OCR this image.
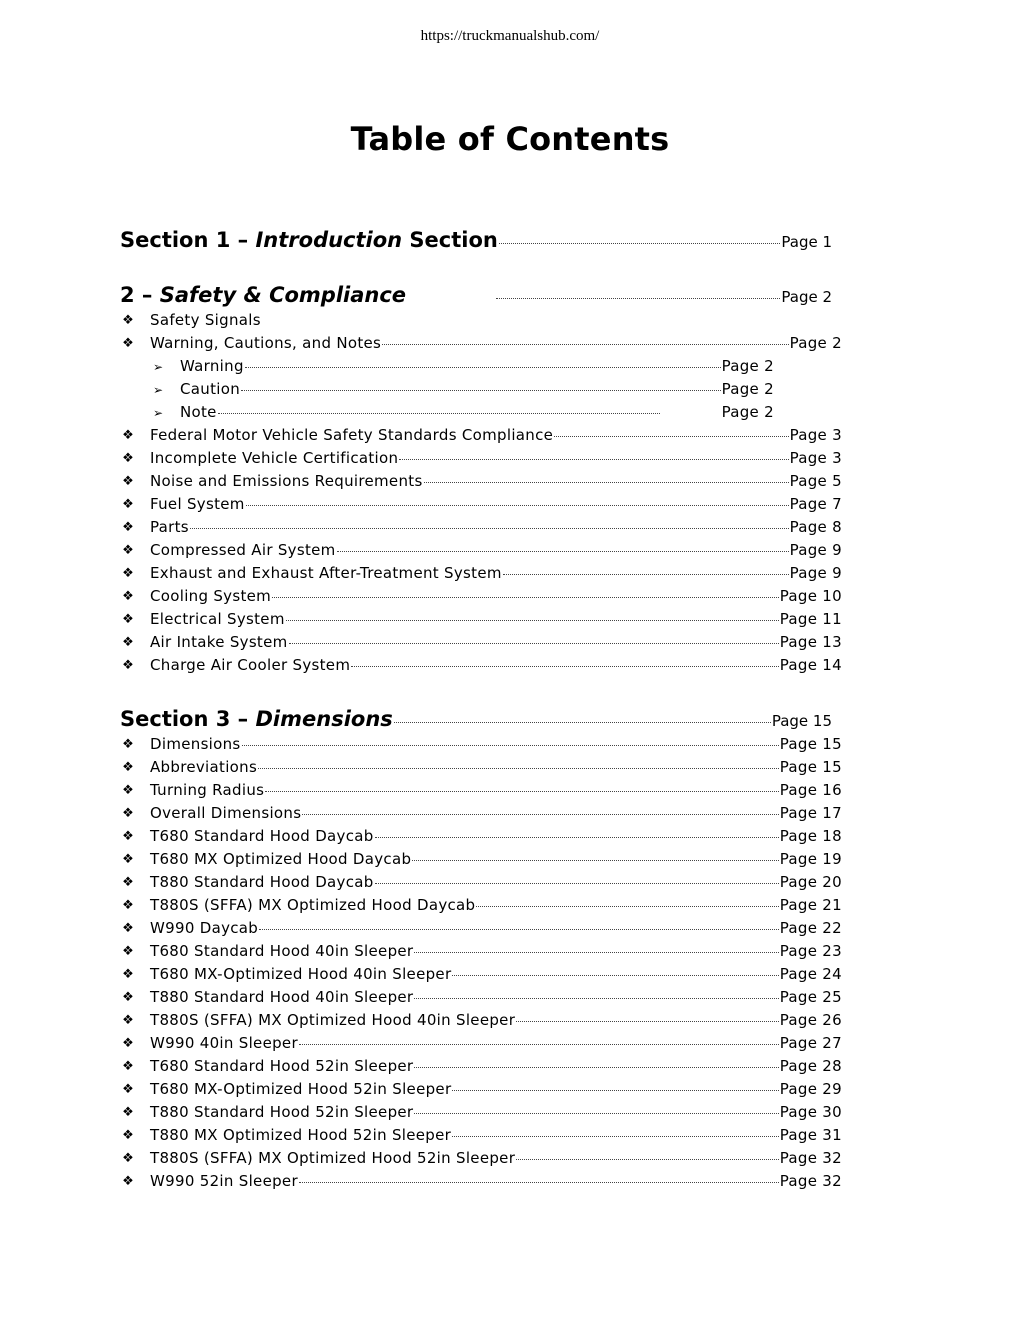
https://truckmanualshub.com/
Table of Contents
Section 1 – Introduction Section	Page 1
2 – Safety & Compliance	Page 2
❖ Safety Signals
❖ Warning, Cautions, and Notes	Page 2
➢ Warning	Page 2
➢ Caution	Page 2
➢ Note	Page 2
❖ Federal Motor Vehicle Safety Standards Compliance	Page 3
❖ Incomplete Vehicle Certification	Page 3
❖ Noise and Emissions Requirements	Page 5
❖ Fuel System	Page 7
❖ Parts	Page 8
❖ Compressed Air System	Page 9
❖ Exhaust and Exhaust After-Treatment System	Page 9
❖ Cooling System	Page 10
❖ Electrical System	Page 11
❖ Air Intake System	Page 13
❖ Charge Air Cooler System	Page 14
Section 3 – Dimensions	Page 15
❖ Dimensions	Page 15
❖ Abbreviations	Page 15
❖ Turning Radius	Page 16
❖ Overall Dimensions	Page 17
❖ T680 Standard Hood Daycab	Page 18
❖ T680 MX Optimized Hood Daycab	Page 19
❖ T880 Standard Hood Daycab	Page 20
❖ T880S (SFFA) MX Optimized Hood Daycab	Page 21
❖ W990 Daycab	Page 22
❖ T680 Standard Hood 40in Sleeper	Page 23
❖ T680 MX-Optimized Hood 40in Sleeper	Page 24
❖ T880 Standard Hood 40in Sleeper	Page 25
❖ T880S (SFFA) MX Optimized Hood 40in Sleeper	Page 26
❖ W990 40in Sleeper	Page 27
❖ T680 Standard Hood 52in Sleeper	Page 28
❖ T680 MX-Optimized Hood 52in Sleeper	Page 29
❖ T880 Standard Hood 52in Sleeper	Page 30
❖ T880 MX Optimized Hood 52in Sleeper	Page 31
❖ T880S (SFFA) MX Optimized Hood 52in Sleeper	Page 32
❖ W990 52in Sleeper	Page 32
